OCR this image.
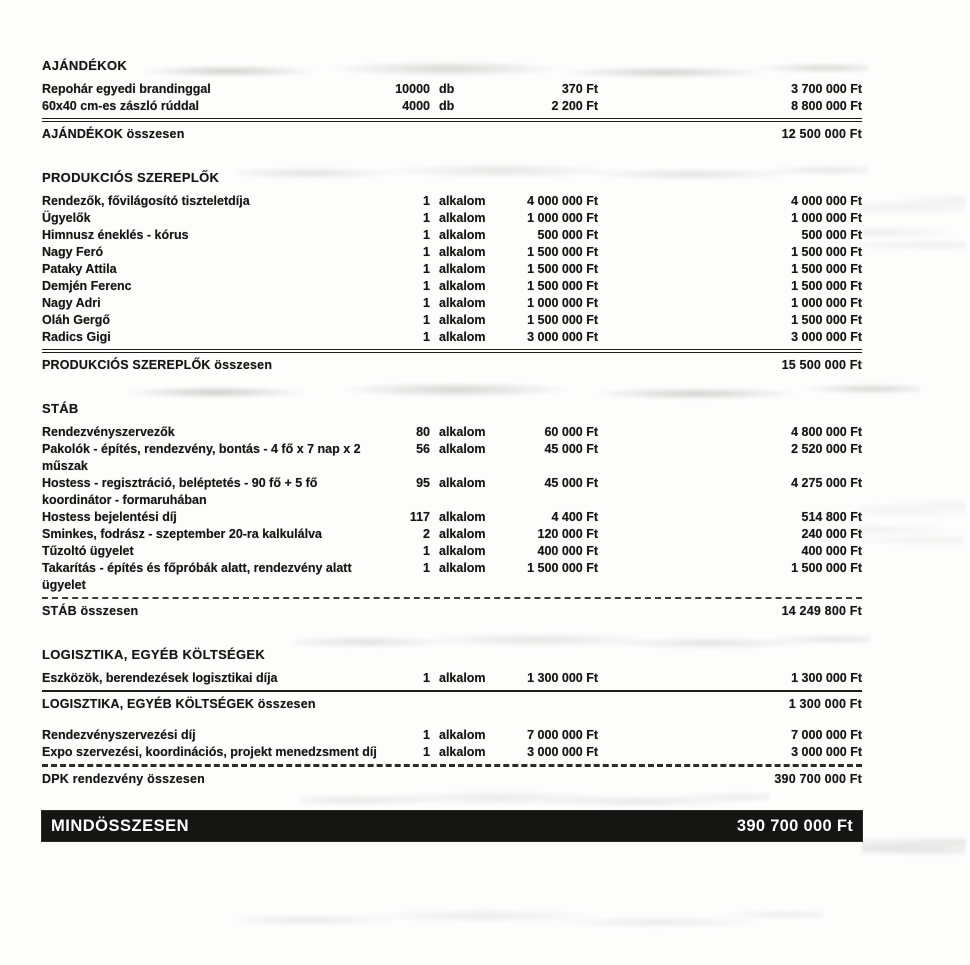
AJÁNDÉKOK
Repohár egyedi brandinggal	10000 db	370 Ft	3 700 000 Ft
60x40 cm-es zászló rúddal	4000 db	2 200 Ft	8 800 000 Ft
AJÁNDÉKOK összesen	12 500 000 Ft
PRODUKCIÓS SZEREPLŐK
Rendezők, fővilágosító tiszteletdíja	1 alkalom	4 000 000 Ft	4 000 000 Ft
Ügyelők	1 alkalom	1 000 000 Ft	1 000 000 Ft
Himnusz éneklés - kórus	1 alkalom	500 000 Ft	500 000 Ft
Nagy Feró	1 alkalom	1 500 000 Ft	1 500 000 Ft
Pataky Attila	1 alkalom	1 500 000 Ft	1 500 000 Ft
Demjén Ferenc	1 alkalom	1 500 000 Ft	1 500 000 Ft
Nagy Adri	1 alkalom	1 000 000 Ft	1 000 000 Ft
Oláh Gergő	1 alkalom	1 500 000 Ft	1 500 000 Ft
Radics Gigi	1 alkalom	3 000 000 Ft	3 000 000 Ft
PRODUKCIÓS SZEREPLŐK összesen	15 500 000 Ft
STÁB
Rendezvényszervezők	80 alkalom	60 000 Ft	4 800 000 Ft
Pakolók - építés, rendezvény, bontás - 4 fő x 7 nap x 2 műszak
56 alkalom	45 000 Ft	2 520 000 Ft
Hostess - regisztráció, beléptetés - 90 fő + 5 fő koordinátor - formaruhában
95 alkalom	45 000 Ft	4 275 000 Ft
Hostess bejelentési díj	117 alkalom	4 400 Ft	514 800 Ft
Sminkes, fodrász - szeptember 20-ra kalkulálva	2 alkalom	120 000 Ft	240 000 Ft
Tűzoltó ügyelet	1 alkalom	400 000 Ft	400 000 Ft
Takarítás - építés és főpróbák alatt, rendezvény alatt ügyelet
1 alkalom	1 500 000 Ft	1 500 000 Ft
STÁB összesen	14 249 800 Ft
LOGISZTIKA, EGYÉB KÖLTSÉGEK
Eszközök, berendezések logisztikai díja	1 alkalom	1 300 000 Ft	1 300 000 Ft
LOGISZTIKA, EGYÉB KÖLTSÉGEK összesen	1 300 000 Ft
Rendezvényszervezési díj	1 alkalom	7 000 000 Ft	7 000 000 Ft
Expo szervezési, koordinációs, projekt menedzsment díj	1 alkalom	3 000 000 Ft	3 000 000 Ft
DPK rendezvény összesen	390 700 000 Ft
MINDÖSSZESEN	390 700 000 Ft
